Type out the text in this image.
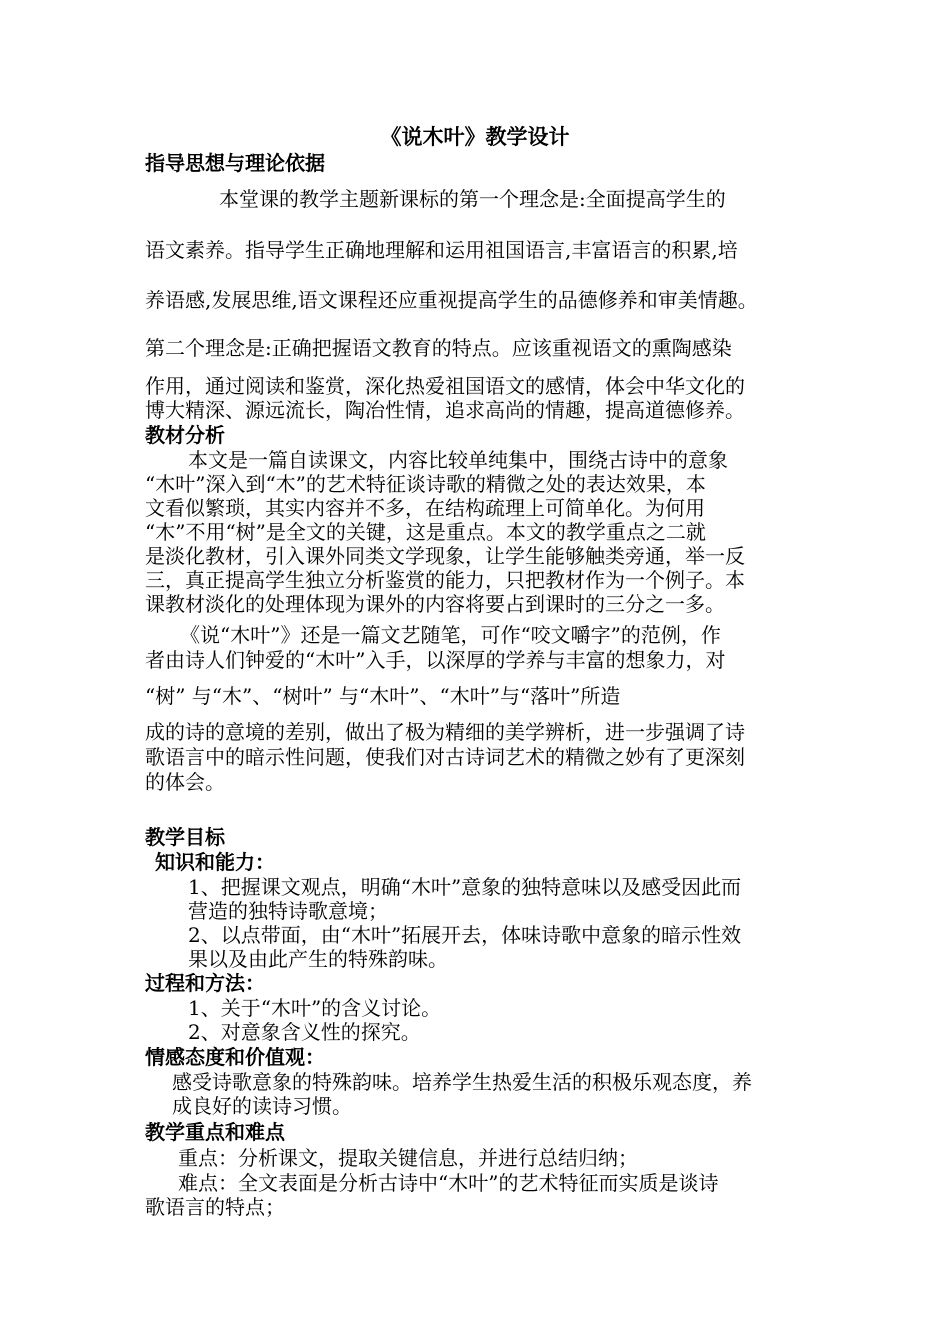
《说木叶》教学设计
指导思想与理论依据
本堂课的教学主题新课标的第一个理念是:全面提高学生的
语文素养。指导学生正确地理解和运用祖国语言,丰富语言的积累,培
养语感,发展思维,语文课程还应重视提高学生的品德修养和审美情趣。
第二个理念是:正确把握语文教育的特点。应该重视语文的熏陶感染
作用，通过阅读和鉴赏，深化热爱祖国语文的感情，体会中华文化的
博大精深、源远流长，陶冶性情，追求高尚的情趣，提高道德修养。
教材分析
本文是一篇自读课文，内容比较单纯集中，围绕古诗中的意象
“木叶”深入到“木”的艺术特征谈诗歌的精微之处的表达效果，本
文看似繁琐，其实内容并不多，在结构疏理上可简单化。为何用
“木”不用“树”是全文的关键，这是重点。本文的教学重点之二就
是淡化教材，引入课外同类文学现象，让学生能够触类旁通，举一反
三，真正提高学生独立分析鉴赏的能力，只把教材作为一个例子。本
课教材淡化的处理体现为课外的内容将要占到课时的三分之一多。
《说“木叶”》还是一篇文艺随笔，可作“咬文嚼字”的范例，作
者由诗人们钟爱的“木叶”入手，以深厚的学养与丰富的想象力，对
“树” 与“木”、“树叶” 与“木叶”、“木叶”与“落叶”所造
成的诗的意境的差别，做出了极为精细的美学辨析，进一步强调了诗
歌语言中的暗示性问题，使我们对古诗词艺术的精微之妙有了更深刻
的体会。
教学目标
知识和能力：
1、把握课文观点，明确“木叶”意象的独特意味以及感受因此而
营造的独特诗歌意境；
2、以点带面，由“木叶”拓展开去，体味诗歌中意象的暗示性效
果以及由此产生的特殊韵味。
过程和方法：
1、关于“木叶”的含义讨论。
2、对意象含义性的探究。
情感态度和价值观：
感受诗歌意象的特殊韵味。培养学生热爱生活的积极乐观态度，养
成良好的读诗习惯。
教学重点和难点
重点：分析课文，提取关键信息，并进行总结归纳；
难点：全文表面是分析古诗中“木叶”的艺术特征而实质是谈诗
歌语言的特点；
